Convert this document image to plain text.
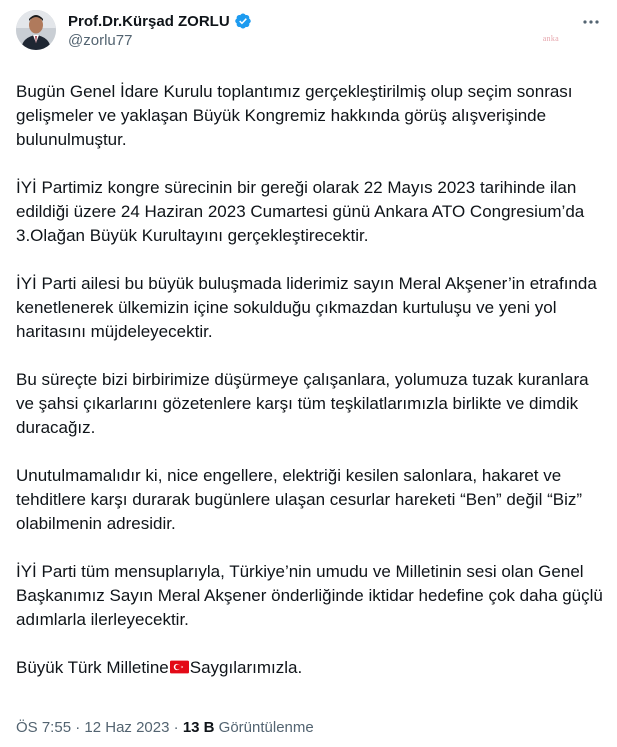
Prof.Dr.Kürşad ZORLU
@zorlu77	anka

Bugün Genel İdare Kurulu toplantımız gerçekleştirilmiş olup seçim sonrası gelişmeler ve yaklaşan Büyük Kongremiz hakkında görüş alışverişinde bulunulmuştur.

İYİ Partimiz kongre sürecinin bir gereği olarak 22 Mayıs 2023 tarihinde ilan edildiği üzere 24 Haziran 2023 Cumartesi günü Ankara ATO Congresium’da 3.Olağan Büyük Kurultayını gerçekleştirecektir.

İYİ Parti ailesi bu büyük buluşmada liderimiz sayın Meral Akşener’in etrafında kenetlenerek ülkemizin içine sokulduğu çıkmazdan kurtuluşu ve yeni yol haritasını müjdeleyecektir.

Bu süreçte bizi birbirimize düşürmeye çalışanlara, yolumuza tuzak kuranlara ve şahsi çıkarlarını gözetenlere karşı tüm teşkilatlarımızla birlikte ve dimdik duracağız.

Unutulmamalıdır ki, nice engellere, elektriği kesilen salonlara, hakaret ve tehditlere karşı durarak bugünlere ulaşan cesurlar hareketi “Ben” değil “Biz” olabilmenin adresidir.

İYİ Parti tüm mensuplarıyla, Türkiye’nin umudu ve Milletinin sesi olan Genel Başkanımız Sayın Meral Akşener önderliğinde iktidar hedefine çok daha güçlü adımlarla ilerleyecektir.

Büyük Türk Milletine Saygılarımızla.

ÖS 7:55 · 12 Haz 2023 · 13 B Görüntülenme
